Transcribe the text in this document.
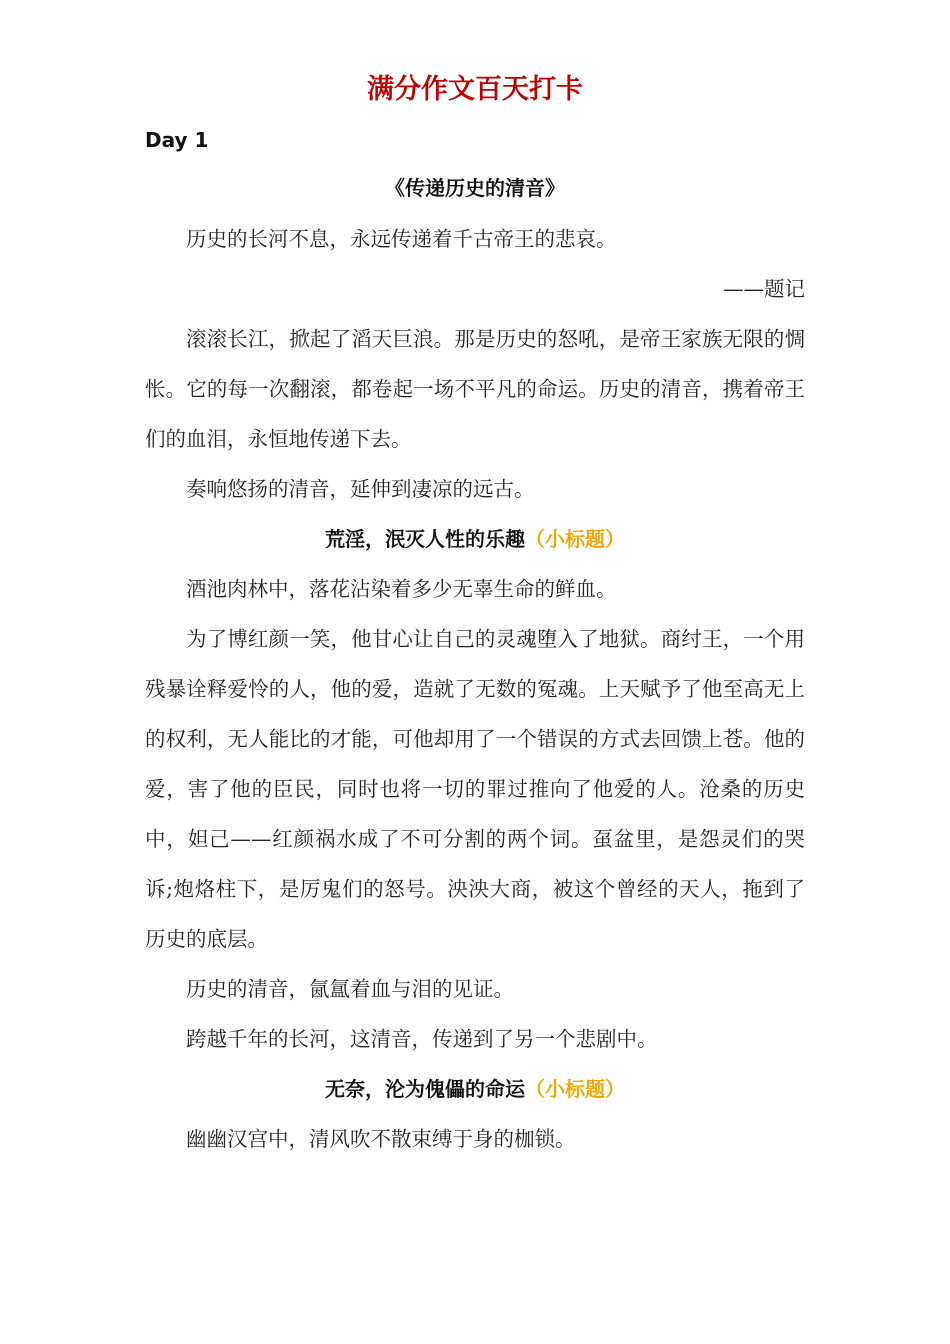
满分作文百天打卡
Day 1
《传递历史的清音》

历史的长河不息，永远传递着千古帝王的悲哀。

——题记

滚滚长江，掀起了滔天巨浪。那是历史的怒吼，是帝王家族无限的惆怅。它的每一次翻滚，都卷起一场不平凡的命运。历史的清音，携着帝王们的血泪，永恒地传递下去。

奏响悠扬的清音，延伸到凄凉的远古。

荒淫，泯灭人性的乐趣（小标题）

酒池肉林中，落花沾染着多少无辜生命的鲜血。

为了博红颜一笑，他甘心让自己的灵魂堕入了地狱。商纣王，一个用残暴诠释爱怜的人，他的爱，造就了无数的冤魂。上天赋予了他至高无上的权利，无人能比的才能，可他却用了一个错误的方式去回馈上苍。他的爱，害了他的臣民，同时也将一切的罪过推向了他爱的人。沧桑的历史中，妲己——红颜祸水成了不可分割的两个词。虿盆里，是怨灵们的哭诉;炮烙柱下，是厉鬼们的怒号。泱泱大商，被这个曾经的天人，拖到了历史的底层。

历史的清音，氤氲着血与泪的见证。

跨越千年的长河，这清音，传递到了另一个悲剧中。

无奈，沦为傀儡的命运（小标题）

幽幽汉宫中，清风吹不散束缚于身的枷锁。
